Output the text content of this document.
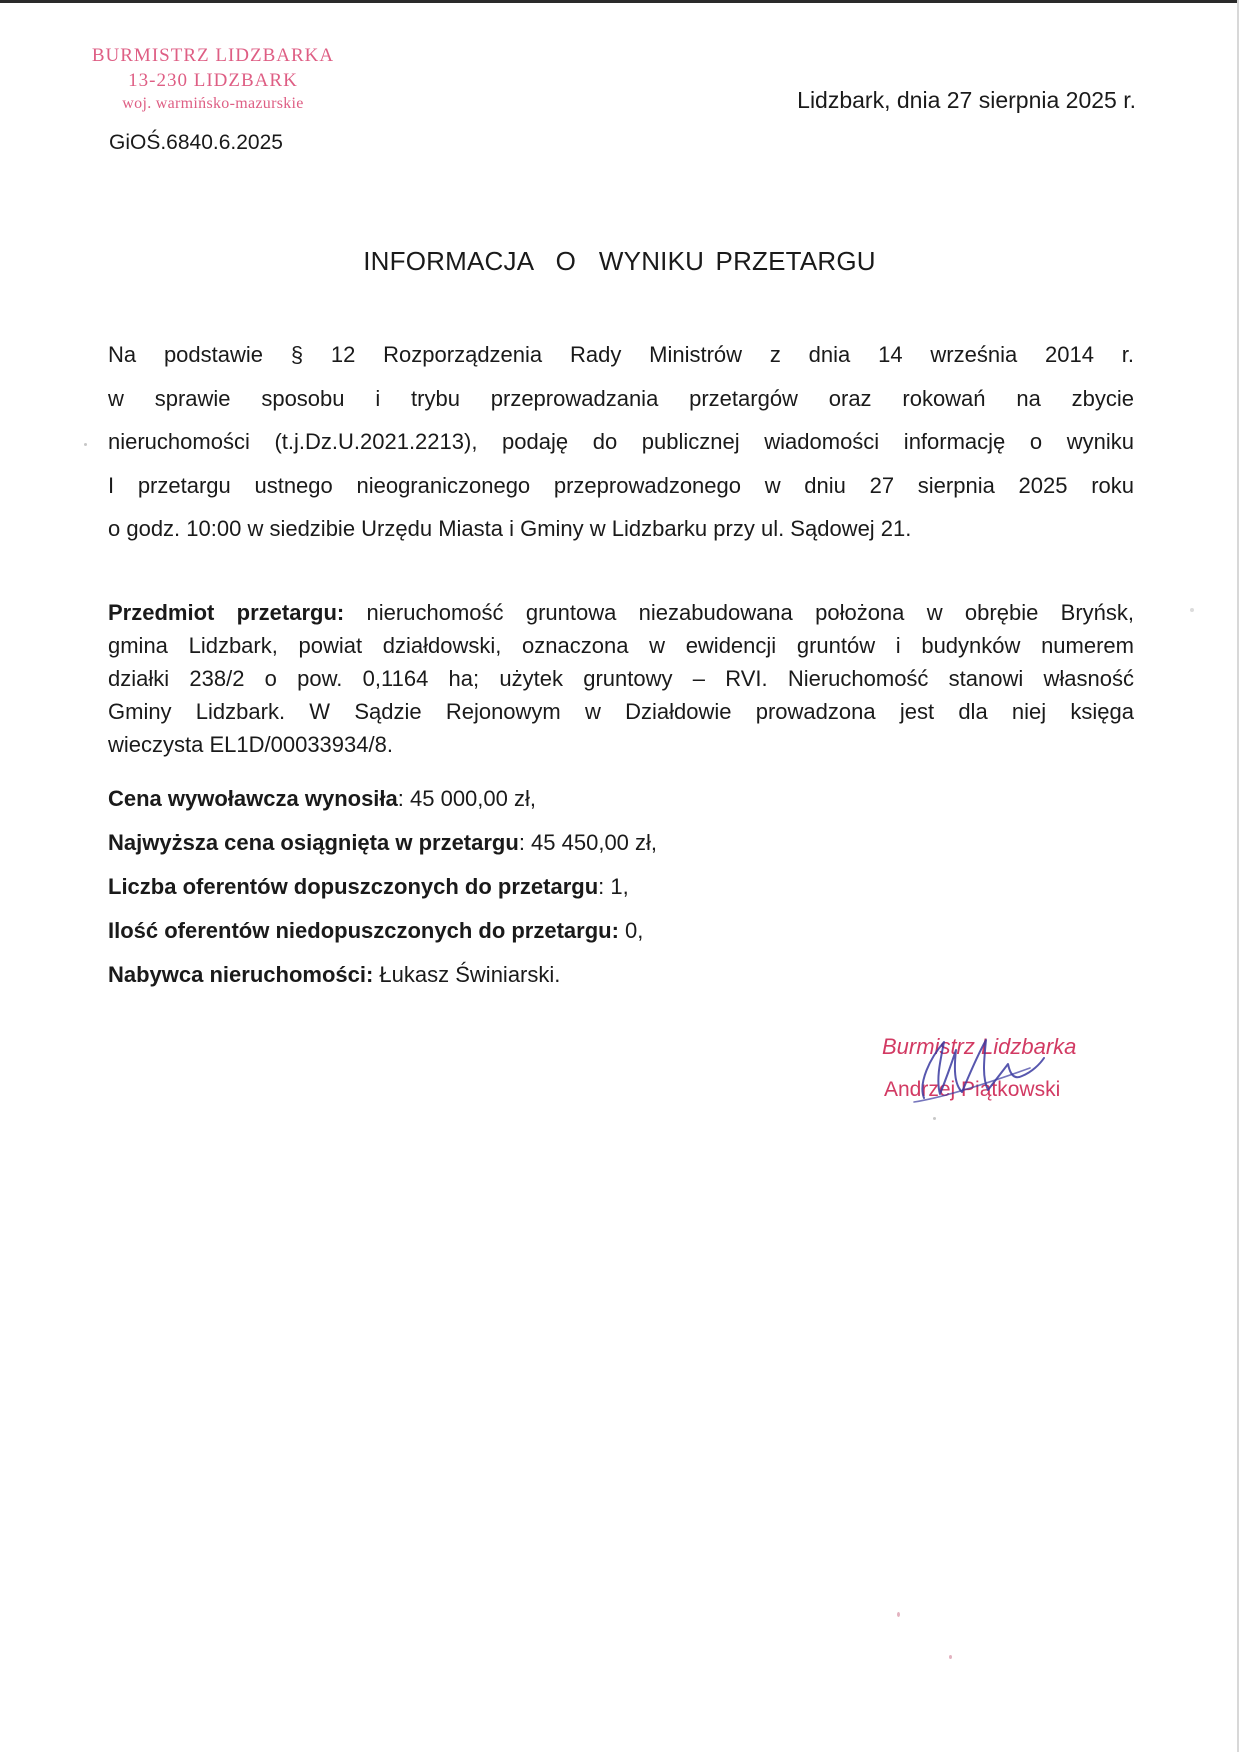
BURMISTRZ LIDZBARKA
13-230 LIDZBARK
woj. warmińsko-mazurskie
GiOŚ.6840.6.2025
Lidzbark, dnia 27 sierpnia 2025 r.
INFORMACJA  O  WYNIKU PRZETARGU
Na podstawie § 12 Rozporządzenia Rady Ministrów z dnia 14 września 2014 r.
w sprawie sposobu i trybu przeprowadzania przetargów oraz rokowań na zbycie
nieruchomości (t.j.Dz.U.2021.2213), podaję do publicznej wiadomości informację o wyniku
I przetargu ustnego nieograniczonego przeprowadzonego w dniu 27 sierpnia 2025 roku
o godz. 10:00 w siedzibie Urzędu Miasta i Gminy w Lidzbarku przy ul. Sądowej 21.
Przedmiot przetargu: nieruchomość gruntowa niezabudowana położona w obrębie Bryńsk,
gmina Lidzbark, powiat działdowski, oznaczona w ewidencji gruntów i budynków numerem
działki 238/2 o pow. 0,1164 ha; użytek gruntowy – RVI. Nieruchomość stanowi własność
Gminy Lidzbark. W Sądzie Rejonowym w Działdowie prowadzona jest dla niej księga
wieczysta EL1D/00033934/8.
Cena wywoławcza wynosiła: 45 000,00 zł,
Najwyższa cena osiągnięta w przetargu: 45 450,00 zł,
Liczba oferentów dopuszczonych do przetargu: 1,
Ilość oferentów niedopuszczonych do przetargu: 0,
Nabywca nieruchomości: Łukasz Świniarski.
Burmistrz Lidzbarka
Andrzej Piątkowski
